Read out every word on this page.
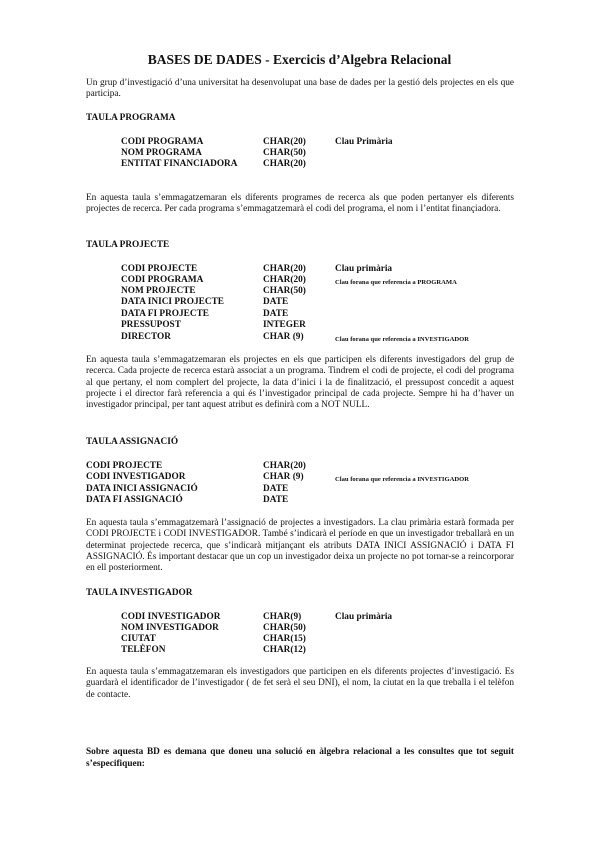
BASES DE DADES - Exercicis d’Algebra Relacional

Un grup d’investigació d’una universitat ha desenvolupat una base de dades per la gestió dels projectes en els que participa.

TAULA PROGRAMA
CODI PROGRAMA	CHAR(20)	Clau Primària
NOM PROGRAMA	CHAR(50)
ENTITAT FINANCIADORA	CHAR(20)

En aquesta taula s’emmagatzemaran els diferents programes de recerca als que poden pertanyer els diferents projectes de recerca. Per cada programa s’emmagatzemarà el codi del programa, el nom i l’entitat finançiadora.

TAULA PROJECTE
CODI PROJECTE	CHAR(20)	Clau primària
CODI PROGRAMA	CHAR(20)	Clau forana que referencia a PROGRAMA
NOM PROJECTE	CHAR(50)
DATA INICI PROJECTE	DATE
DATA FI PROJECTE	DATE
PRESSUPOST	INTEGER
DIRECTOR	CHAR (9)	Clau forana que referencia a INVESTIGADOR

En aquesta taula s’emmagatzemaran els projectes en els que participen els diferents investigadors del grup de recerca. Cada projecte de recerca estarà associat a un programa. Tindrem el codi de projecte, el codi del programa al que pertany, el nom complert del projecte, la data d’inici i la de finalització, el pressupost concedit a aquest projecte i el director farà referencia a qui és l’investigador principal de cada projecte. Sempre hi ha d’haver un investigador principal, per tant aquest atribut es definirà com a NOT NULL.

TAULA ASSIGNACIÓ
CODI PROJECTE	CHAR(20)
CODI INVESTIGADOR	CHAR (9)	Clau forana que referencia a INVESTIGADOR
DATA INICI ASSIGNACIÓ	DATE
DATA FI ASSIGNACIÓ	DATE

En aquesta taula s’emmagatzemarà l’assignació de projectes a investigadors. La clau primària estarà formada per CODI PROJECTE i CODI INVESTIGADOR. També s’indicarà el període en que un investigador treballarà en un determinat projectede recerca, que s’indicarà mitjançant els atributs DATA INICI ASSIGNACIÓ i DATA FI ASSIGNACIÓ. És important destacar que un cop un investigador deixa un projecte no pot tornar-se a reincorporar en ell posteriorment.

TAULA INVESTIGADOR
CODI INVESTIGADOR	CHAR(9)	Clau primària
NOM INVESTIGADOR	CHAR(50)
CIUTAT	CHAR(15)
TELÈFON	CHAR(12)

En aquesta taula s’emmagatzemaran els investigadors que participen en els diferents projectes d’investigació. Es guardarà el identificador de l’investigador ( de fet serà el seu DNI), el nom, la ciutat en la que treballa i el telèfon de contacte.

Sobre aquesta BD es demana que doneu una solució en àlgebra relacional a les consultes que tot seguit s’especifiquen:
